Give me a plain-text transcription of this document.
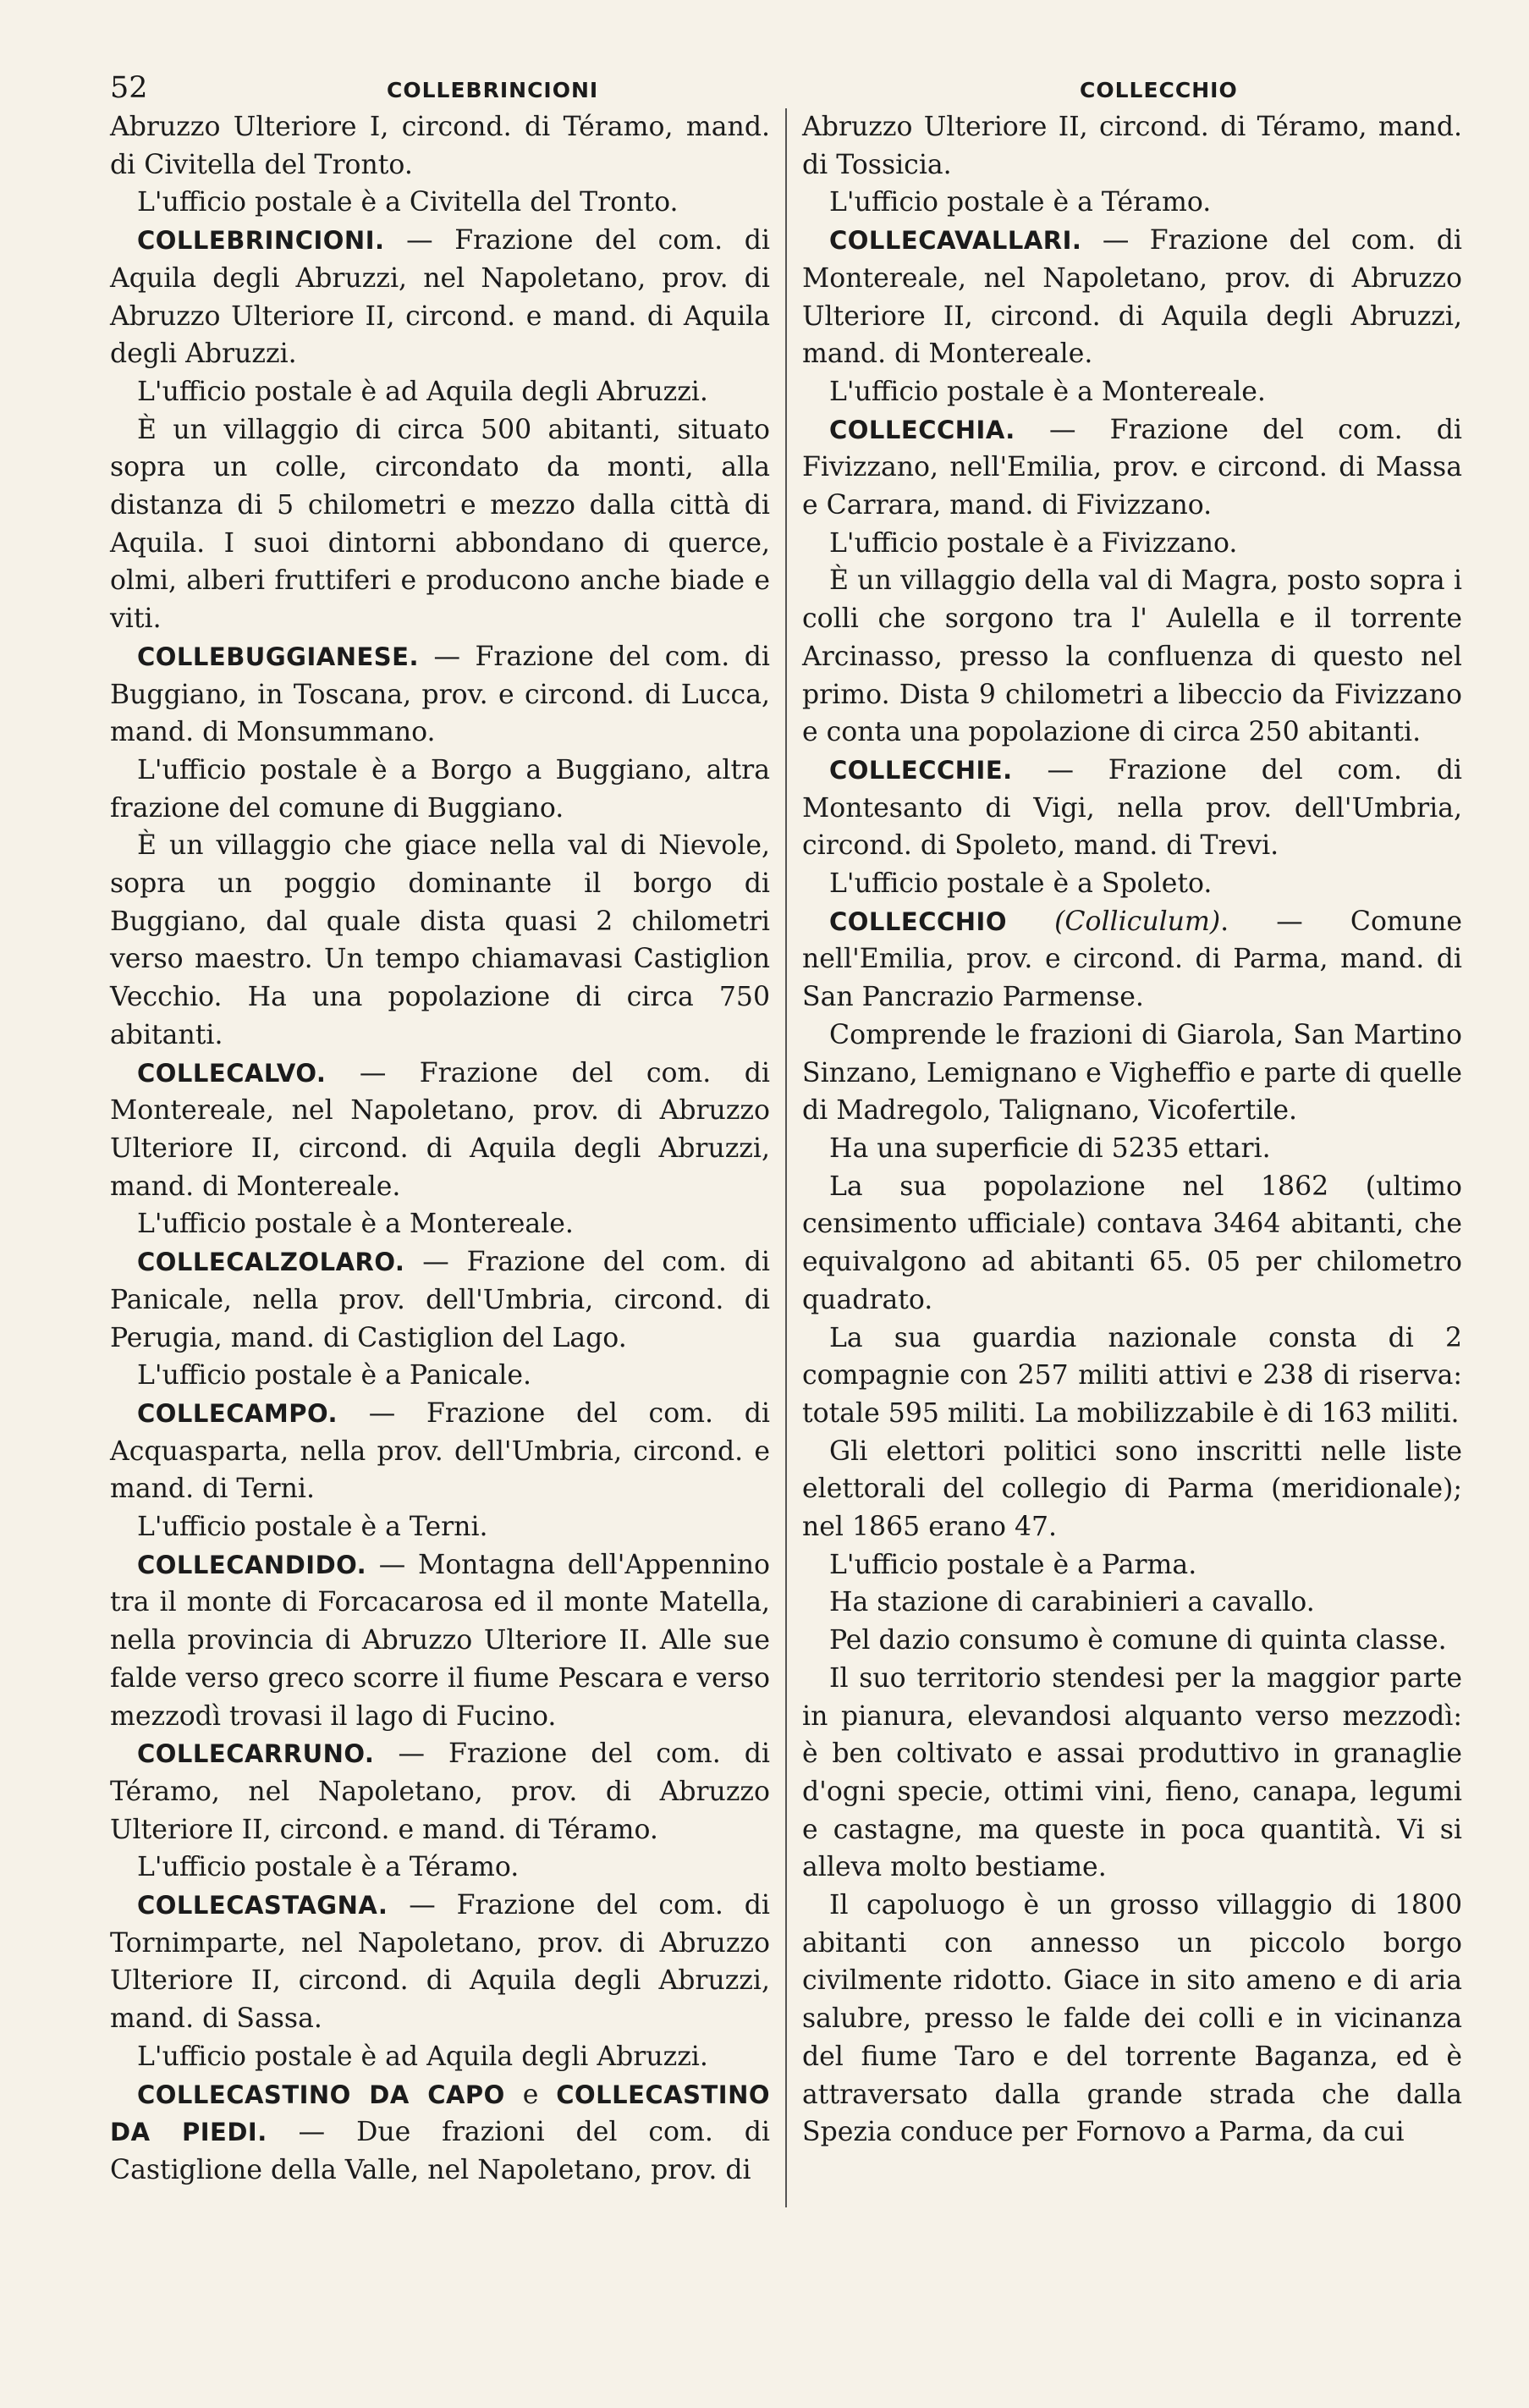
52	COLLEBRINCIONI	COLLECCHIO

Abruzzo Ulteriore I, circond. di Téramo, mand. di Civitella del Tronto.

L'ufficio postale è a Civitella del Tronto.

COLLEBRINCIONI. — Frazione del com. di Aquila degli Abruzzi, nel Napoletano, prov. di Abruzzo Ulteriore II, circond. e mand. di Aquila degli Abruzzi.

L'ufficio postale è ad Aquila degli Abruzzi.

È un villaggio di circa 500 abitanti, situato sopra un colle, circondato da monti, alla distanza di 5 chilometri e mezzo dalla città di Aquila. I suoi dintorni abbondano di querce, olmi, alberi fruttiferi e producono anche biade e viti.

COLLEBUGGIANESE. — Frazione del com. di Buggiano, in Toscana, prov. e circond. di Lucca, mand. di Monsummano.

L'ufficio postale è a Borgo a Buggiano, altra frazione del comune di Buggiano.

È un villaggio che giace nella val di Nievole, sopra un poggio dominante il borgo di Buggiano, dal quale dista quasi 2 chilometri verso maestro. Un tempo chiamavasi Castiglion Vecchio. Ha una popolazione di circa 750 abitanti.

COLLECALVO. — Frazione del com. di Montereale, nel Napoletano, prov. di Abruzzo Ulteriore II, circond. di Aquila degli Abruzzi, mand. di Montereale.

L'ufficio postale è a Montereale.

COLLECALZOLARO. — Frazione del com. di Panicale, nella prov. dell'Umbria, circond. di Perugia, mand. di Castiglion del Lago.

L'ufficio postale è a Panicale.

COLLECAMPO. — Frazione del com. di Acquasparta, nella prov. dell'Umbria, circond. e mand. di Terni.

L'ufficio postale è a Terni.

COLLECANDIDO. — Montagna dell'Appennino tra il monte di Forcacarosa ed il monte Matella, nella provincia di Abruzzo Ulteriore II. Alle sue falde verso greco scorre il fiume Pescara e verso mezzodì trovasi il lago di Fucino.

COLLECARRUNO. — Frazione del com. di Téramo, nel Napoletano, prov. di Abruzzo Ulteriore II, circond. e mand. di Téramo.

L'ufficio postale è a Téramo.

COLLECASTAGNA. — Frazione del com. di Tornimparte, nel Napoletano, prov. di Abruzzo Ulteriore II, circond. di Aquila degli Abruzzi, mand. di Sassa.

L'ufficio postale è ad Aquila degli Abruzzi.

COLLECASTINO DA CAPO e COLLECASTINO DA PIEDI. — Due frazioni del com. di Castiglione della Valle, nel Napoletano, prov. di

Abruzzo Ulteriore II, circond. di Téramo, mand. di Tossicia.

L'ufficio postale è a Téramo.

COLLECAVALLARI. — Frazione del com. di Montereale, nel Napoletano, prov. di Abruzzo Ulteriore II, circond. di Aquila degli Abruzzi, mand. di Montereale.

L'ufficio postale è a Montereale.

COLLECCHIA. — Frazione del com. di Fivizzano, nell'Emilia, prov. e circond. di Massa e Carrara, mand. di Fivizzano.

L'ufficio postale è a Fivizzano.

È un villaggio della val di Magra, posto sopra i colli che sorgono tra l' Aulella e il torrente Arcinasso, presso la confluenza di questo nel primo. Dista 9 chilometri a libeccio da Fivizzano e conta una popolazione di circa 250 abitanti.

COLLECCHIE. — Frazione del com. di Montesanto di Vigi, nella prov. dell'Umbria, circond. di Spoleto, mand. di Trevi.

L'ufficio postale è a Spoleto.

COLLECCHIO (Colliculum). — Comune nell'Emilia, prov. e circond. di Parma, mand. di San Pancrazio Parmense.

Comprende le frazioni di Giarola, San Martino Sinzano, Lemignano e Vigheffio e parte di quelle di Madregolo, Talignano, Vicofertile.

Ha una superficie di 5235 ettari.

La sua popolazione nel 1862 (ultimo censimento ufficiale) contava 3464 abitanti, che equivalgono ad abitanti 65. 05 per chilometro quadrato.

La sua guardia nazionale consta di 2 compagnie con 257 militi attivi e 238 di riserva: totale 595 militi. La mobilizzabile è di 163 militi.

Gli elettori politici sono inscritti nelle liste elettorali del collegio di Parma (meridionale); nel 1865 erano 47.

L'ufficio postale è a Parma.

Ha stazione di carabinieri a cavallo.

Pel dazio consumo è comune di quinta classe.

Il suo territorio stendesi per la maggior parte in pianura, elevandosi alquanto verso mezzodì: è ben coltivato e assai produttivo in granaglie d'ogni specie, ottimi vini, fieno, canapa, legumi e castagne, ma queste in poca quantità. Vi si alleva molto bestiame.

Il capoluogo è un grosso villaggio di 1800 abitanti con annesso un piccolo borgo civilmente ridotto. Giace in sito ameno e di aria salubre, presso le falde dei colli e in vicinanza del fiume Taro e del torrente Baganza, ed è attraversato dalla grande strada che dalla Spezia conduce per Fornovo a Parma, da cui
